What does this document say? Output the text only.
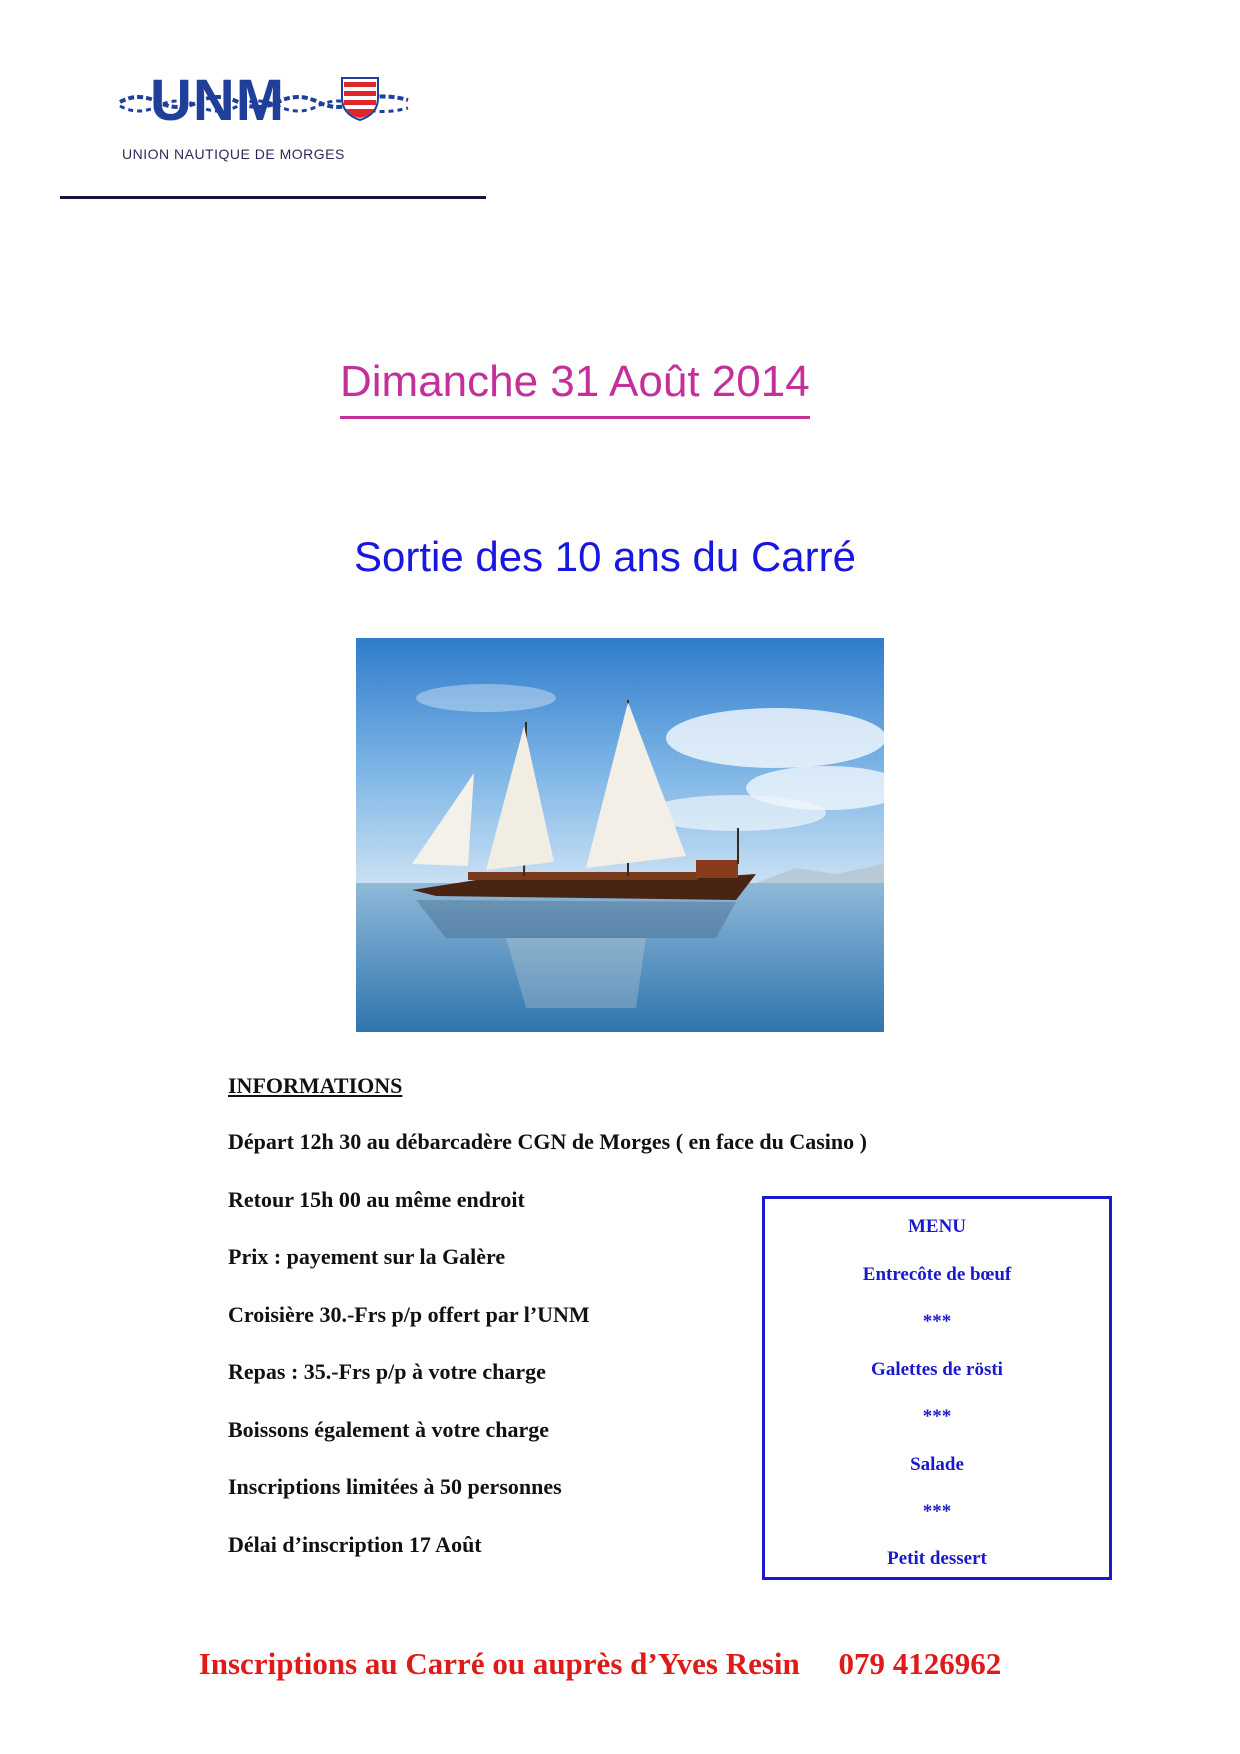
UNM
UNION NAUTIQUE DE MORGES
Dimanche 31 Août 2014
Sortie des 10 ans du Carré
INFORMATIONS
Départ 12h 30 au débarcadère CGN de Morges ( en face du Casino )
Retour 15h 00 au même endroit
Prix : payement sur la Galère
Croisière 30.-Frs p/p offert par l’UNM
Repas : 35.-Frs p/p à votre charge
Boissons également à votre charge
Inscriptions limitées à 50 personnes
Délai d’inscription 17 Août
MENU
Entrecôte de bœuf
***
Galettes de rösti
***
Salade
***
Petit dessert
Inscriptions au Carré ou auprès d’Yves Resin     079 4126962
